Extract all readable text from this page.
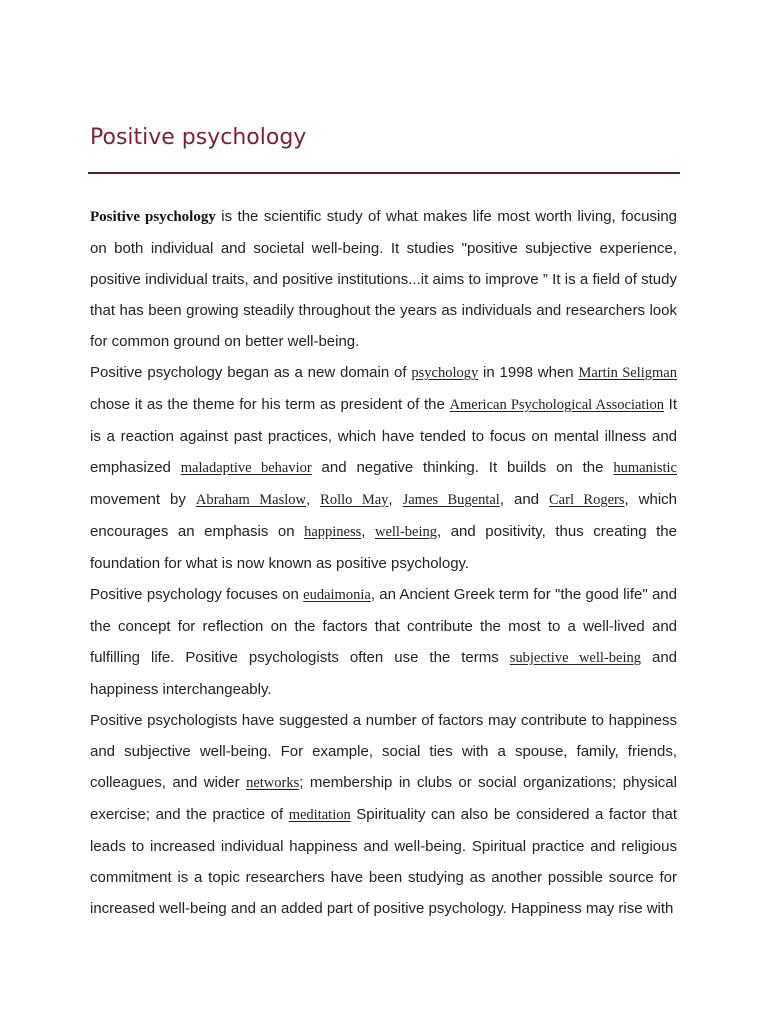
Positive psychology

Positive psychology is the scientific study of what makes life most worth living, focusing on both individual and societal well-being. It studies "positive subjective experience, positive individual traits, and positive institutions...it aims to improve ” It is a field of study that has been growing steadily throughout the years as individuals and researchers look for common ground on better well-being.

Positive psychology began as a new domain of psychology in 1998 when Martin Seligman chose it as the theme for his term as president of the American Psychological Association It is a reaction against past practices, which have tended to focus on mental illness and emphasized maladaptive behavior and negative thinking. It builds on the humanistic movement by Abraham Maslow, Rollo May, James Bugental, and Carl Rogers, which encourages an emphasis on happiness, well-being, and positivity, thus creating the foundation for what is now known as positive psychology.

Positive psychology focuses on eudaimonia, an Ancient Greek term for "the good life" and the concept for reflection on the factors that contribute the most to a well-lived and fulfilling life. Positive psychologists often use the terms subjective well-being and happiness interchangeably.

Positive psychologists have suggested a number of factors may contribute to happiness and subjective well-being. For example, social ties with a spouse, family, friends, colleagues, and wider networks; membership in clubs or social organizations; physical exercise; and the practice of meditation Spirituality can also be considered a factor that leads to increased individual happiness and well-being. Spiritual practice and religious commitment is a topic researchers have been studying as another possible source for increased well-being and an added part of positive psychology. Happiness may rise with
